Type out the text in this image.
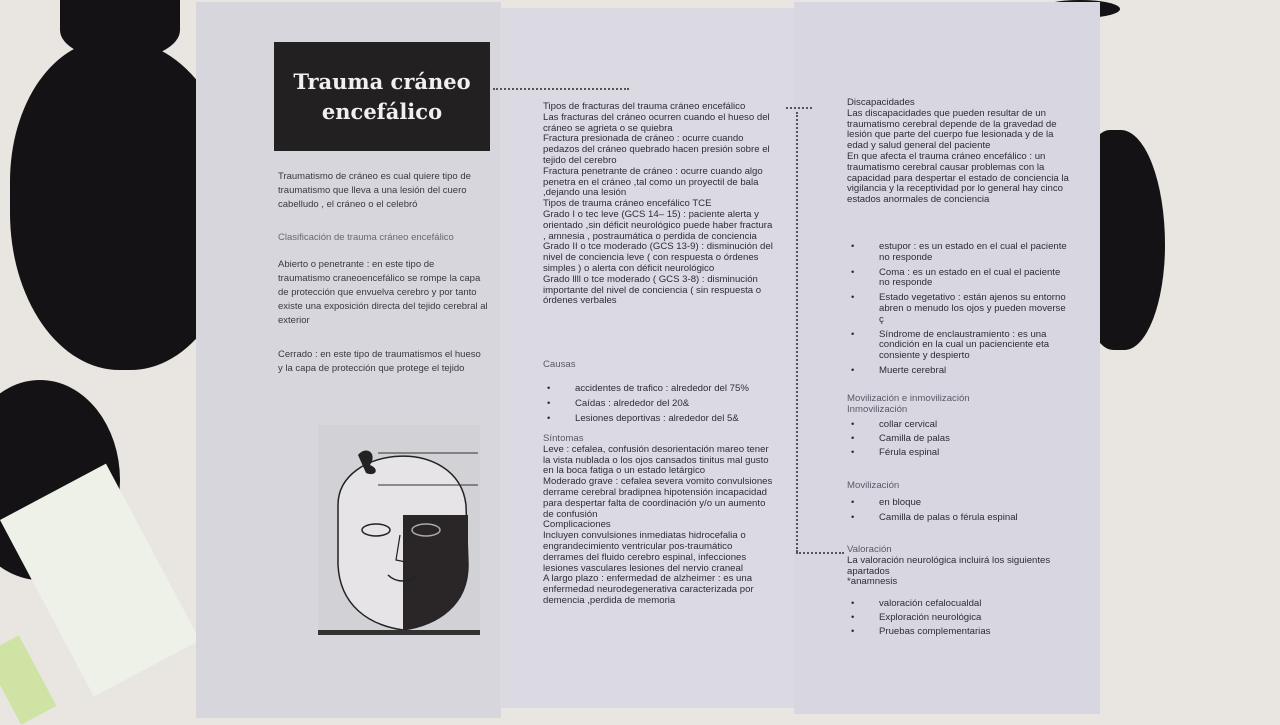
Trauma cráneo
encefálico
Traumatismo de cráneo es cual quiere tipo de traumatismo que lleva a una lesión del cuero cabelludo , el cráneo o el celebró
Clasificación de trauma cráneo encefálico
Abierto o penetrante : en este tipo de traumatismo craneoencefálico se rompe la capa de protección que envuelva cerebro y por tanto existe una exposición directa del tejido cerebral al exterior
Cerrado : en este tipo de traumatismos el hueso y la capa de protección que protege el tejido
Tipos de fracturas del trauma cráneo encefálico
Las fracturas del cráneo ocurren cuando el hueso del cráneo se agrieta o se quiebra
Fractura presionada de cráneo : ocurre cuando pedazos del cráneo quebrado hacen presión sobre el tejido del cerebro
Fractura penetrante de cráneo : ocurre cuando algo penetra en el cráneo ,tal como un proyectil de bala ,dejando una lesión
Tipos de trauma cráneo encefálico TCE
Grado I o tec leve (GCS 14– 15) : paciente alerta y orientado ,sin déficit neurológico puede haber fractura , amnesia , postraumática o perdida de conciencia
Grado II o tce moderado (GCS 13-9) : disminución del nivel de conciencia leve ( con respuesta o órdenes simples ) o alerta con déficit neurológico
Grado llll o tce moderado ( GCS 3-8) : disminución importante del nivel de conciencia ( sin respuesta o órdenes verbales
Causas
• accidentes de trafico : alrededor del 75%
• Caídas : alrededor del 20&
• Lesiones deportivas : alrededor del 5&
Síntomas
Leve : cefalea, confusión desorientación mareo tener la vista nublada o los ojos cansados tinitus mal gusto en la boca fatiga o un estado letárgico
Moderado grave : cefalea severa vomito convulsiones derrame cerebral bradipnea hipotensión incapacidad para despertar falta de coordinación y/o un aumento de confusión
Complicaciones
Incluyen convulsiones inmediatas hidrocefalia o engrandecimiento ventricular pos-traumático derrames del fluido cerebro espinal, infecciones lesiones vasculares lesiones del nervio craneal
A largo plazo : enfermedad de alzheimer : es una enfermedad neurodegenerativa caracterizada por demencia ,perdida de memoria
Discapacidades
Las discapacidades que pueden resultar de un traumatismo cerebral depende de la gravedad de lesión que parte del cuerpo fue lesionada y de la edad y salud general del paciente
En que afecta el trauma cráneo encefálico : un traumatismo cerebral causar problemas con la capacidad para despertar el estado de conciencia la vigilancia y la receptividad por lo general hay cinco estados anormales de conciencia
• estupor : es un estado en el cual el paciente no responde
• Coma : es un estado en el cual el paciente no responde
• Estado vegetativo : están ajenos su entorno abren o menudo los ojos y pueden moverse ç
• Síndrome de enclaustramiento : es una condición en la cual un pacienciente eta consiente y despierto
• Muerte cerebral
Movilización e inmovilización
Inmovilización
• collar cervical
• Camilla de palas
• Férula espinal
Movilización
• en bloque
• Camilla de palas o férula espinal
Valoración
La valoración neurológica incluirá los siguientes apartados
*anamnesis
• valoración cefalocualdal
• Exploración neurológica
• Pruebas complementarias
